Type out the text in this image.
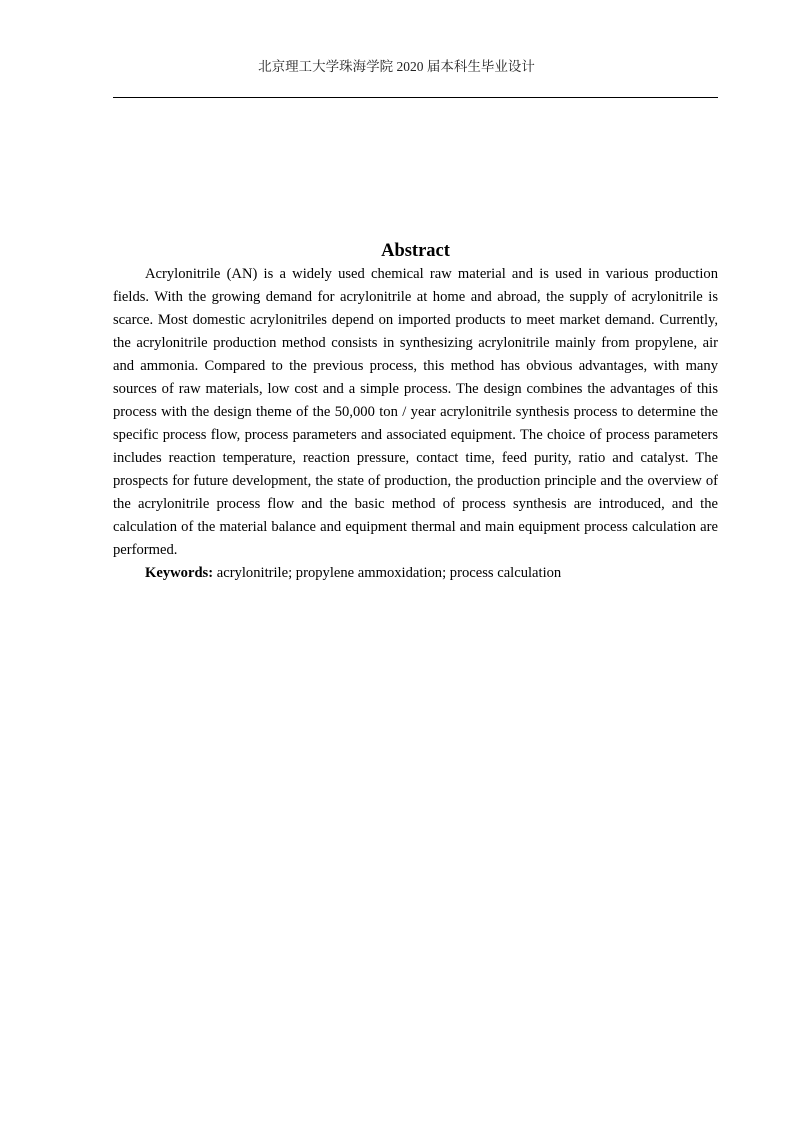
北京理工大学珠海学院 2020 届本科生毕业设计
Abstract

Acrylonitrile (AN) is a widely used chemical raw material and is used in various production fields. With the growing demand for acrylonitrile at home and abroad, the supply of acrylonitrile is scarce. Most domestic acrylonitriles depend on imported products to meet market demand. Currently, the acrylonitrile production method consists in synthesizing acrylonitrile mainly from propylene, air and ammonia. Compared to the previous process, this method has obvious advantages, with many sources of raw materials, low cost and a simple process. The design combines the advantages of this process with the design theme of the 50,000 ton / year acrylonitrile synthesis process to determine the specific process flow, process parameters and associated equipment. The choice of process parameters includes reaction temperature, reaction pressure, contact time, feed purity, ratio and catalyst. The prospects for future development, the state of production, the production principle and the overview of the acrylonitrile process flow and the basic method of process synthesis are introduced, and the calculation of the material balance and equipment thermal and main equipment process calculation are performed.

Keywords: acrylonitrile; propylene ammoxidation; process calculation
